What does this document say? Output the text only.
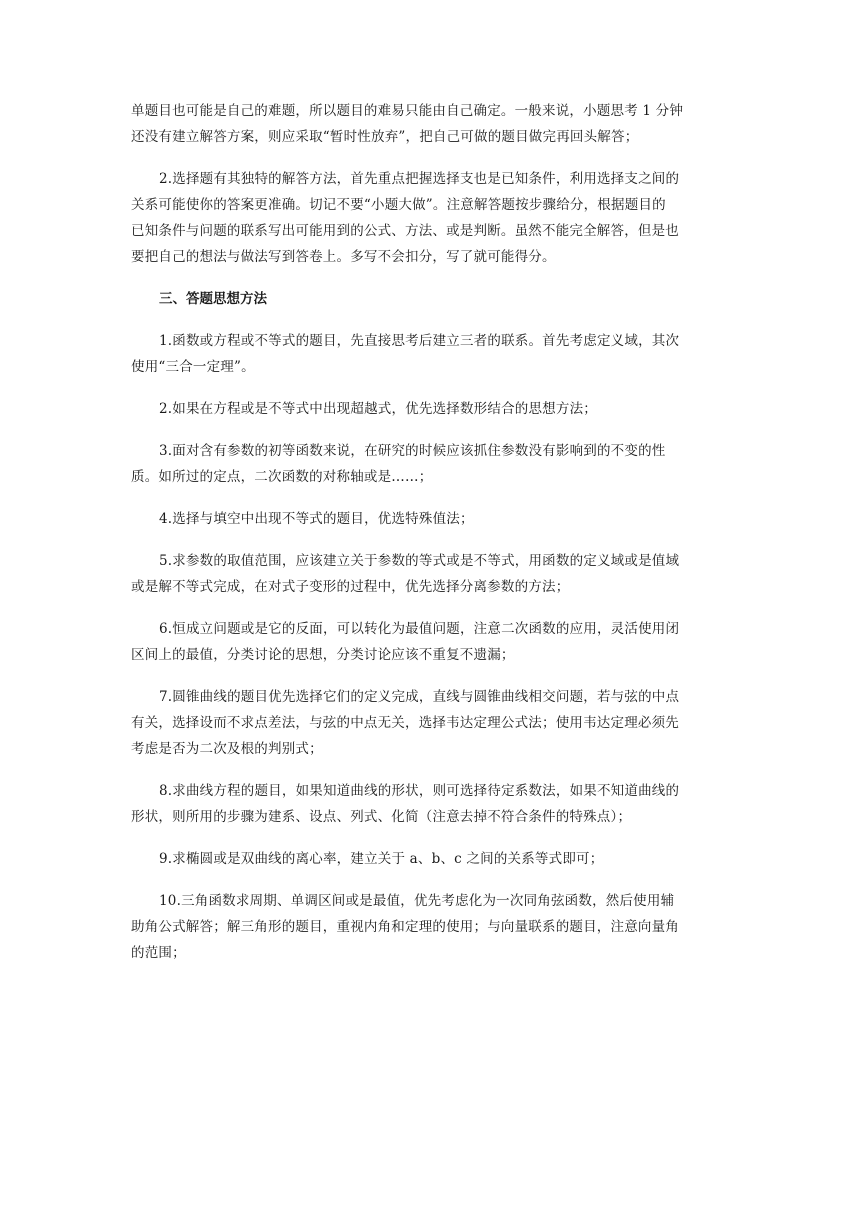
单题目也可能是自己的难题，所以题目的难易只能由自己确定。一般来说，小题思考 1 分钟
还没有建立解答方案，则应采取“暂时性放弃”，把自己可做的题目做完再回头解答；

2.选择题有其独特的解答方法，首先重点把握选择支也是已知条件，利用选择支之间的
关系可能使你的答案更准确。切记不要“小题大做”。注意解答题按步骤给分，根据题目的
已知条件与问题的联系写出可能用到的公式、方法、或是判断。虽然不能完全解答，但是也
要把自己的想法与做法写到答卷上。多写不会扣分，写了就可能得分。

三、答题思想方法

1.函数或方程或不等式的题目，先直接思考后建立三者的联系。首先考虑定义域，其次
使用“三合一定理”。

2.如果在方程或是不等式中出现超越式，优先选择数形结合的思想方法；

3.面对含有参数的初等函数来说，在研究的时候应该抓住参数没有影响到的不变的性
质。如所过的定点，二次函数的对称轴或是……；

4.选择与填空中出现不等式的题目，优选特殊值法；

5.求参数的取值范围，应该建立关于参数的等式或是不等式，用函数的定义域或是值域
或是解不等式完成，在对式子变形的过程中，优先选择分离参数的方法；

6.恒成立问题或是它的反面，可以转化为最值问题，注意二次函数的应用，灵活使用闭
区间上的最值，分类讨论的思想，分类讨论应该不重复不遗漏；

7.圆锥曲线的题目优先选择它们的定义完成，直线与圆锥曲线相交问题，若与弦的中点
有关，选择设而不求点差法，与弦的中点无关，选择韦达定理公式法；使用韦达定理必须先
考虑是否为二次及根的判别式；

8.求曲线方程的题目，如果知道曲线的形状，则可选择待定系数法，如果不知道曲线的
形状，则所用的步骤为建系、设点、列式、化简（注意去掉不符合条件的特殊点）；

9.求椭圆或是双曲线的离心率，建立关于 a、b、c 之间的关系等式即可；

10.三角函数求周期、单调区间或是最值，优先考虑化为一次同角弦函数，然后使用辅
助角公式解答；解三角形的题目，重视内角和定理的使用；与向量联系的题目，注意向量角
的范围；
